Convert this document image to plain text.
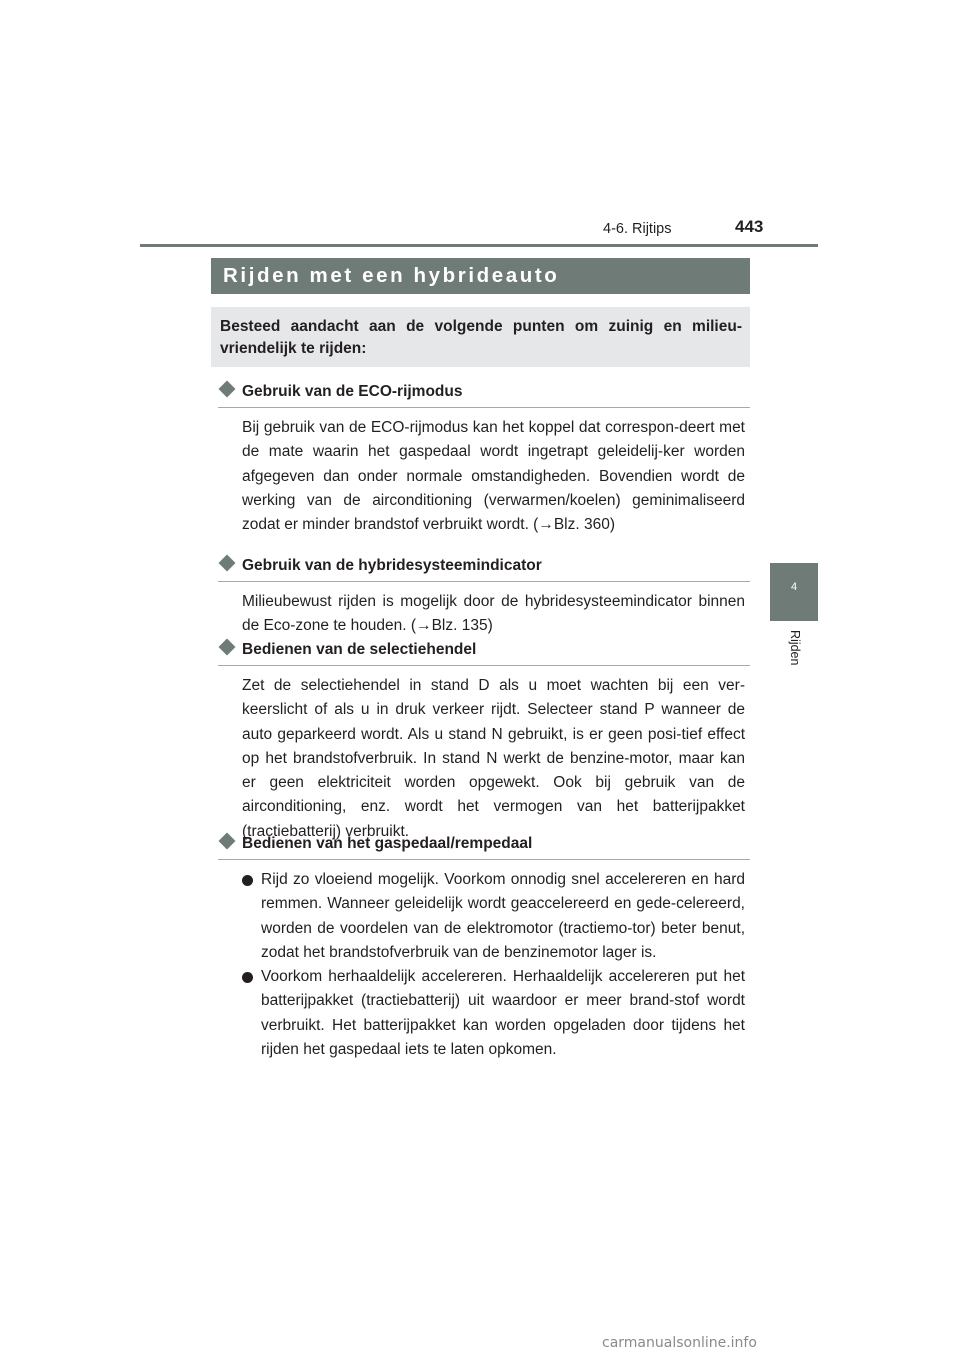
4-6. Rijtips	443
4
Rijden
Rijden met een hybrideauto
Besteed aandacht aan de volgende punten om zuinig en milieu-vriendelijk te rijden:
Gebruik van de ECO-rijmodus
Bij gebruik van de ECO-rijmodus kan het koppel dat correspon-deert met de mate waarin het gaspedaal wordt ingetrapt geleidelij-ker worden afgegeven dan onder normale omstandigheden. Bovendien wordt de werking van de airconditioning (verwarmen/koelen) geminimaliseerd zodat er minder brandstof verbruikt wordt. (→Blz. 360)
Gebruik van de hybridesysteemindicator
Milieubewust rijden is mogelijk door de hybridesysteemindicator binnen de Eco-zone te houden. (→Blz. 135)
Bedienen van de selectiehendel
Zet de selectiehendel in stand D als u moet wachten bij een ver-keerslicht of als u in druk verkeer rijdt. Selecteer stand P wanneer de auto geparkeerd wordt. Als u stand N gebruikt, is er geen posi-tief effect op het brandstofverbruik. In stand N werkt de benzine-motor, maar kan er geen elektriciteit worden opgewekt. Ook bij gebruik van de airconditioning, enz. wordt het vermogen van het batterijpakket (tractiebatterij) verbruikt.
Bedienen van het gaspedaal/rempedaal
Rijd zo vloeiend mogelijk. Voorkom onnodig snel accelereren en hard remmen. Wanneer geleidelijk wordt geaccelereerd en gede-celereerd, worden de voordelen van de elektromotor (tractiemo-tor) beter benut, zodat het brandstofverbruik van de benzinemotor lager is.
Voorkom herhaaldelijk accelereren. Herhaaldelijk accelereren put het batterijpakket (tractiebatterij) uit waardoor er meer brand-stof wordt verbruikt. Het batterijpakket kan worden opgeladen door tijdens het rijden het gaspedaal iets te laten opkomen.
carmanualsonline.info
